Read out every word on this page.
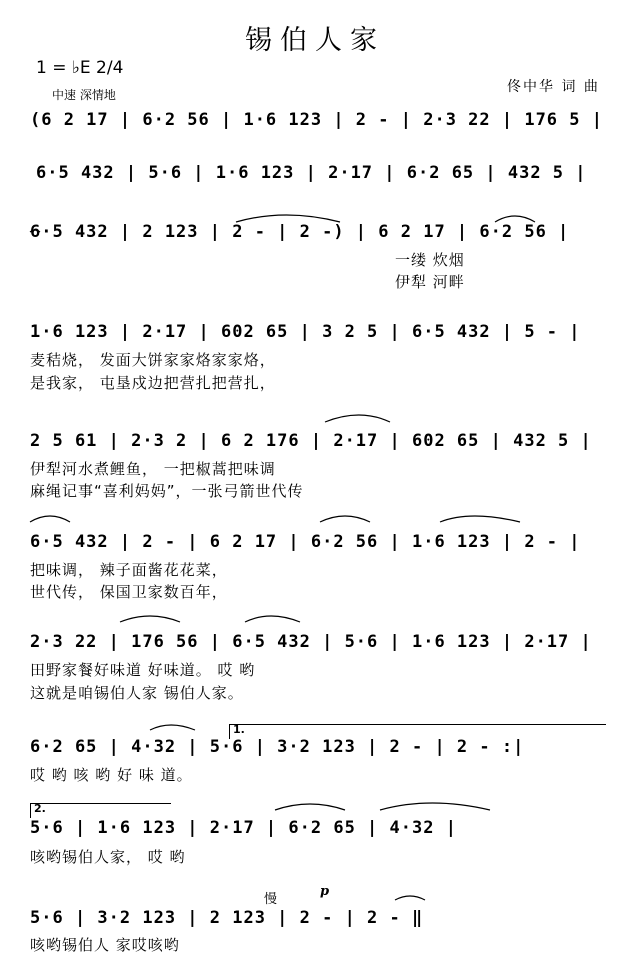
锡伯人家
1 = ♭E 2/4
中速 深情地	佟中华 词 曲
(6 2 17 | 6·2 56 | 1·6 123 | 2 - | 2·3 22 | 176 5 |
6·5 432 | 5·6 | 1·6 123 | 2·17 | 6·2 65 | 432 5 |
6·5 432 | 2 123 | 2 - | 2 -) | 6 2 17 | 6·2 56 |
一缕 炊烟
伊犁 河畔
1·6 123 | 2·17 | 602 65 | 3 2 5 | 6·5 432 | 5 - |
麦秸烧， 发面大饼家家烙家家烙，
是我家， 屯垦戍边把营扎把营扎，
2 5 61 | 2·3 2 | 6 2 176 | 2·17 | 602 65 | 432 5 |
伊犁河水煮鲤鱼， 一把椒蒿把味调
麻绳记事“喜利妈妈”，一张弓箭世代传
6·5 432 | 2 - | 6 2 17 | 6·2 56 | 1·6 123 | 2 - |
把味调， 辣子面酱花花菜，
世代传， 保国卫家数百年，
2·3 22 | 176 56 | 6·5 432 | 5·6 | 1·6 123 | 2·17 |
田野家餐好味道 好味道。 哎 哟
这就是咱锡伯人家 锡伯人家。
1.
6·2 65 | 4·32 | 5·6 | 3·2 123 | 2 - | 2 - :|
哎 哟 咳 哟 好 味 道。
2.
5·6 | 1·6 123 | 2·17 | 6·2 65 | 4·32 |
咳哟锡伯人家， 哎 哟
慢
p
5·6 | 3·2 123 | 2 123 | 2 - | 2 - ‖
咳哟锡伯人 家哎咳哟
